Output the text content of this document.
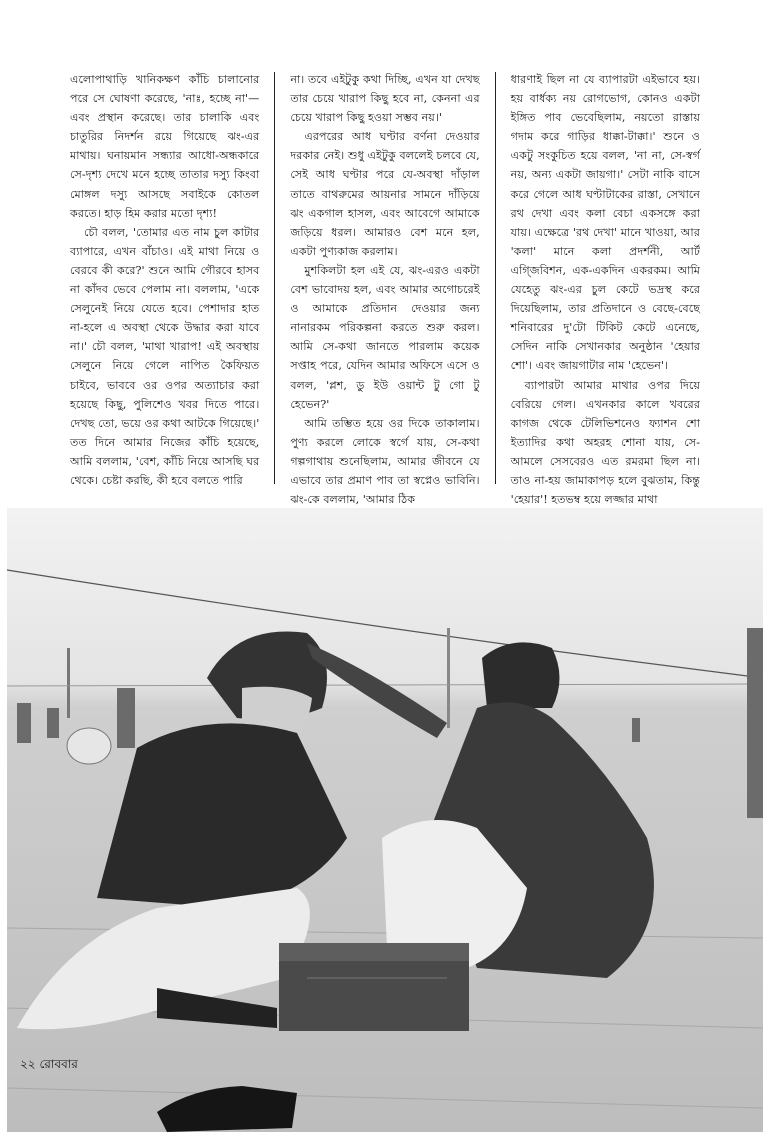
এলোপাথাড়ি খানিকক্ষণ কাঁচি চালানোর পরে সে ঘোষণা করেছে, 'নাঃ, হচ্ছে না'—এবং প্রস্থান করেছে। তার চালাকি এবং চাতুরির নিদর্শন রয়ে গিয়েছে ঝং-এর মাথায়। ঘনায়মান সন্ধ্যার আধো-অন্ধকারে সে-দৃশ্য দেখে মনে হচ্ছে তাতার দস্যু কিংবা মোঙ্গল দস্যু আসছে সবাইকে কোতল করতে। হাড় হিম করার মতো দৃশ্য!

চৌ বলল, 'তোমার এত নাম চুল কাটার ব্যাপারে, এখন বাঁচাও। এই মাথা নিয়ে ও বেরবে কী করে?' শুনে আমি গৌরবে হাসব না কাঁদব ভেবে পেলাম না। বললাম, 'একে সেলুনেই নিয়ে যেতে হবে। পেশাদার হাত না-হলে এ অবস্থা থেকে উদ্ধার করা যাবে না।' চৌ বলল, 'মাথা খারাপ! এই অবস্থায় সেলুনে নিয়ে গেলে নাপিত কৈফিয়ত চাইবে, ভাববে ওর ওপর অত্যাচার করা হয়েছে কিছু, পুলিশেও খবর দিতে পারে। দেখছ তো, ভয়ে ওর কথা আটকে গিয়েছে।' তত দিনে আমার নিজের কাঁচি হয়েছে, আমি বললাম, 'বেশ, কাঁচি নিয়ে আসছি ঘর থেকে। চেষ্টা করছি, কী হবে বলতে পারি

না। তবে এইটুকু কথা দিচ্ছি, এখন যা দেখছ তার চেয়ে খারাপ কিছু হবে না, কেননা এর চেয়ে খারাপ কিছু হওয়া সম্ভব নয়।'

এরপরের আধ ঘণ্টার বর্ণনা দেওয়ার দরকার নেই। শুধু এইটুকু বললেই চলবে যে, সেই আধ ঘণ্টার পরে যে-অবস্থা দাঁড়াল তাতে বাথরুমের আয়নার সামনে দাঁড়িয়ে ঝং একগাল হাসল, এবং আবেগে আমাকে জড়িয়ে ধরল। আমারও বেশ মনে হল, একটা পুণ্যকাজ করলাম।

মুশকিলটা হল এই যে, ঝং-এরও একটা বেশ ভাবোদয় হল, এবং আমার অগোচরেই ও আমাকে প্রতিদান দেওয়ার জন্য নানারকম পরিকল্পনা করতে শুরু করল। আমি সে-কথা জানতে পারলাম কয়েক সপ্তাহ পরে, যেদিন আমার অফিসে এসে ও বলল, 'প্লশ, ডু ইউ ওয়ান্ট টু গো টু হেভেন?'

আমি তম্ভিত হয়ে ওর দিকে তাকালাম। পুণ্য করলে লোকে স্বর্গে যায়, সে-কথা গল্পগাথায় শুনেছিলাম, আমার জীবনে যে এভাবে তার প্রমাণ পাব তা স্বপ্নেও ভাবিনি। ঝং-কে বললাম, 'আমার ঠিক

ধারণাই ছিল না যে ব্যাপারটা এইভাবে হয়। হয় বার্ধক্য নয় রোগভোগ, কোনও একটা ইঙ্গিত পাব ভেবেছিলাম, নয়তো রাস্তায় গদাম করে গাড়ির ধাক্কা-টাক্কা।' শুনে ও একটু সংকুচিত হয়ে বলল, 'না না, সে-স্বর্গ নয়, অন্য একটা জায়গা।' সেটা নাকি বাসে করে গেলে আধ ঘণ্টাটাকের রাস্তা, সেখানে রথ দেখা এবং কলা বেচা একসঙ্গে করা যায়। এক্ষেত্রে 'রথ দেখা' মানে খাওয়া, আর 'কলা' মানে কলা প্রদর্শনী, আর্ট এগ্জিবিশন, এক-একদিন একরকম। আমি যেহেতু ঝং-এর চুল কেটে ভদ্রস্থ করে দিয়েছিলাম, তার প্রতিদানে ও বেছে-বেছে শনিবারের দু'টো টিকিট কেটে এনেছে, সেদিন নাকি সেখানকার অনুষ্ঠান 'হেয়ার শো'। এবং জায়গাটার নাম 'হেভেন'।

ব্যাপারটা আমার মাথার ওপর দিয়ে বেরিয়ে গেল। এখনকার কালে খবরের কাগজ থেকে টেলিভিশনেও ফ্যাশন শো ইত্যাদির কথা অহরহ শোনা যায়, সে-আমলে সেসবেরও এত রমরমা ছিল না। তাও না-হয় জামাকাপড় হলে বুঝতাম, কিন্তু 'হেয়ার'! হতভম্ব হয়ে লজ্জার মাথা

২২ রোববার
